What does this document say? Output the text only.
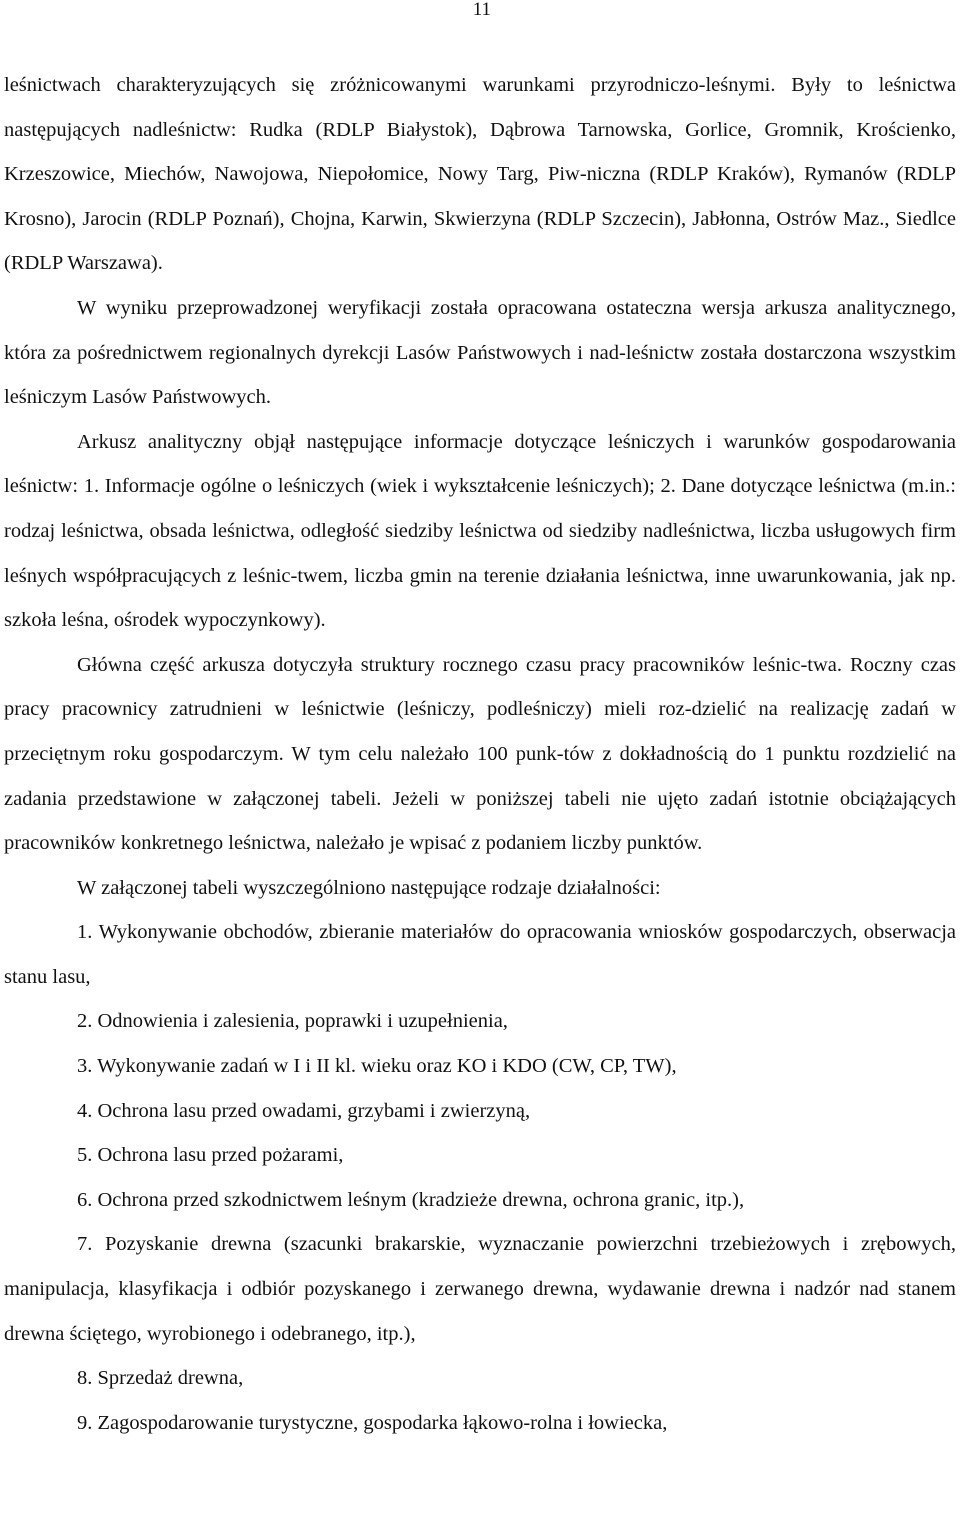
11

leśnictwach charakteryzujących się zróżnicowanymi warunkami przyrodniczo-leśnymi. Były to leśnictwa następujących nadleśnictw: Rudka (RDLP Białystok), Dąbrowa Tarnowska, Gorlice, Gromnik, Krościenko, Krzeszowice, Miechów, Nawojowa, Niepołomice, Nowy Targ, Piw-niczna (RDLP Kraków), Rymanów (RDLP Krosno), Jarocin (RDLP Poznań), Chojna, Karwin, Skwierzyna (RDLP Szczecin), Jabłonna, Ostrów Maz., Siedlce (RDLP Warszawa).

W wyniku przeprowadzonej weryfikacji została opracowana ostateczna wersja arkusza analitycznego, która za pośrednictwem regionalnych dyrekcji Lasów Państwowych i nad-leśnictw została dostarczona wszystkim leśniczym Lasów Państwowych.

Arkusz analityczny objął następujące informacje dotyczące leśniczych i warunków gospodarowania leśnictw: 1. Informacje ogólne o leśniczych (wiek i wykształcenie leśniczych); 2. Dane dotyczące leśnictwa (m.in.: rodzaj leśnictwa, obsada leśnictwa, odległość siedziby leśnictwa od siedziby nadleśnictwa, liczba usługowych firm leśnych współpracujących z leśnic-twem, liczba gmin na terenie działania leśnictwa, inne uwarunkowania, jak np. szkoła leśna, ośrodek wypoczynkowy).

Główna część arkusza dotyczyła struktury rocznego czasu pracy pracowników leśnic-twa. Roczny czas pracy pracownicy zatrudnieni w leśnictwie (leśniczy, podleśniczy) mieli roz-dzielić na realizację zadań w przeciętnym roku gospodarczym. W tym celu należało 100 punk-tów z dokładnością do 1 punktu rozdzielić na zadania przedstawione w załączonej tabeli. Jeżeli w poniższej tabeli nie ujęto zadań istotnie obciążających pracowników konkretnego leśnictwa, należało je wpisać z podaniem liczby punktów.

W załączonej tabeli wyszczególniono następujące rodzaje działalności:

1. Wykonywanie obchodów, zbieranie materiałów do opracowania wniosków gospodarczych, obserwacja stanu lasu,

2. Odnowienia i zalesienia, poprawki i uzupełnienia,

3. Wykonywanie zadań w I i II kl. wieku oraz KO i KDO (CW, CP, TW),

4. Ochrona lasu przed owadami, grzybami i zwierzyną,

5. Ochrona lasu przed pożarami,

6. Ochrona przed szkodnictwem leśnym (kradzieże drewna, ochrona granic, itp.),

7. Pozyskanie drewna (szacunki brakarskie, wyznaczanie powierzchni trzebieżowych i zrębowych, manipulacja, klasyfikacja i odbiór pozyskanego i zerwanego drewna, wydawanie drewna i nadzór nad stanem drewna ściętego, wyrobionego i odebranego, itp.),

8. Sprzedaż drewna,

9. Zagospodarowanie turystyczne, gospodarka łąkowo-rolna i łowiecka,
